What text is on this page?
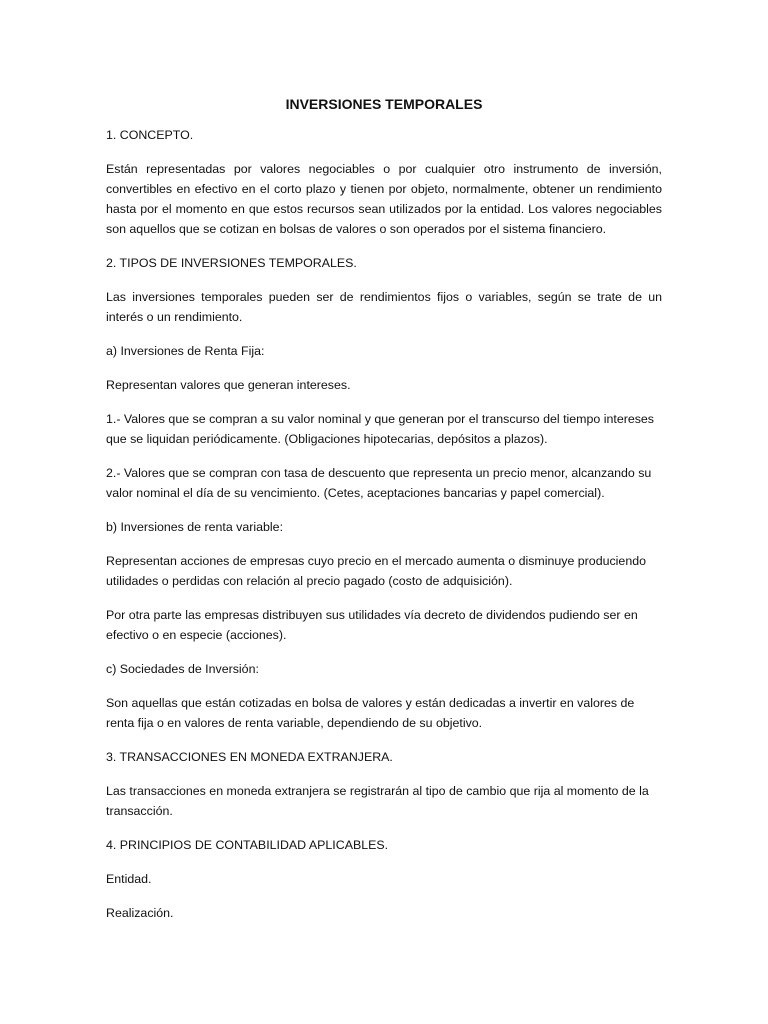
INVERSIONES TEMPORALES

1. CONCEPTO.

Están representadas por valores negociables o por cualquier otro instrumento de inversión, convertibles en efectivo en el corto plazo y tienen por objeto, normalmente, obtener un rendimiento hasta por el momento en que estos recursos sean utilizados por la entidad. Los valores negociables son aquellos que se cotizan en bolsas de valores o son operados por el sistema financiero.

2. TIPOS DE INVERSIONES TEMPORALES.

Las inversiones temporales pueden ser de rendimientos fijos o variables, según se trate de un interés o un rendimiento.

a) Inversiones de Renta Fija:

Representan valores que generan intereses.

1.- Valores que se compran a su valor nominal y que generan por el transcurso del tiempo intereses que se liquidan periódicamente. (Obligaciones hipotecarias, depósitos a plazos).

2.- Valores que se compran con tasa de descuento que representa un precio menor, alcanzando su valor nominal el día de su vencimiento. (Cetes, aceptaciones bancarias y papel comercial).

b) Inversiones de renta variable:

Representan acciones de empresas cuyo precio en el mercado aumenta o disminuye produciendo utilidades o perdidas con relación al precio pagado (costo de adquisición).

Por otra parte las empresas distribuyen sus utilidades vía decreto de dividendos pudiendo ser en efectivo o en especie (acciones).

c) Sociedades de Inversión:

Son aquellas que están cotizadas en bolsa de valores y están dedicadas a invertir en valores de renta fija o en valores de renta variable, dependiendo de su objetivo.

3. TRANSACCIONES EN MONEDA EXTRANJERA.

Las transacciones en moneda extranjera se registrarán al tipo de cambio que rija al momento de la transacción.

4. PRINCIPIOS DE CONTABILIDAD APLICABLES.

Entidad.

Realización.
